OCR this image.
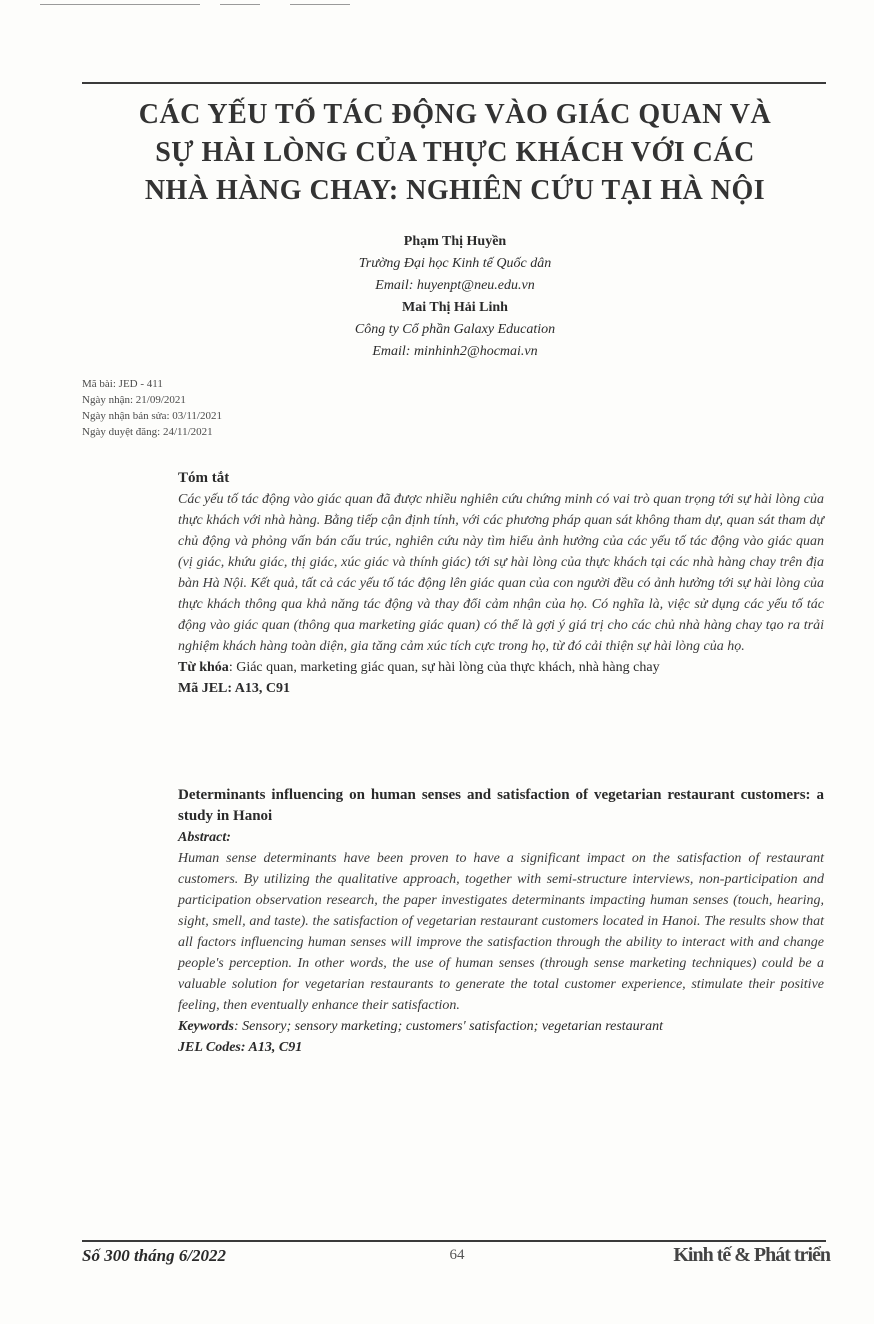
CÁC YẾU TỐ TÁC ĐỘNG VÀO GIÁC QUAN VÀ
SỰ HÀI LÒNG CỦA THỰC KHÁCH VỚI CÁC
NHÀ HÀNG CHAY: NGHIÊN CỨU TẠI HÀ NỘI
Phạm Thị Huyền
Trường Đại học Kinh tế Quốc dân
Email: huyenpt@neu.edu.vn
Mai Thị Hải Linh
Công ty Cổ phần Galaxy Education
Email: minhinh2@hocmai.vn
Mã bài: JED - 411
Ngày nhận: 21/09/2021
Ngày nhận bản sửa: 03/11/2021
Ngày duyệt đăng: 24/11/2021

Tóm tắt

Các yếu tố tác động vào giác quan đã được nhiều nghiên cứu chứng minh có vai trò quan trọng tới sự hài lòng của thực khách với nhà hàng. Bằng tiếp cận định tính, với các phương pháp quan sát không tham dự, quan sát tham dự chủ động và phỏng vấn bán cấu trúc, nghiên cứu này tìm hiểu ảnh hưởng của các yếu tố tác động vào giác quan (vị giác, khứu giác, thị giác, xúc giác và thính giác) tới sự hài lòng của thực khách tại các nhà hàng chay trên địa bàn Hà Nội. Kết quả, tất cả các yếu tố tác động lên giác quan của con người đều có ảnh hưởng tới sự hài lòng của thực khách thông qua khả năng tác động và thay đổi cảm nhận của họ. Có nghĩa là, việc sử dụng các yếu tố tác động vào giác quan (thông qua marketing giác quan) có thể là gợi ý giá trị cho các chủ nhà hàng chay tạo ra trải nghiệm khách hàng toàn diện, gia tăng cảm xúc tích cực trong họ, từ đó cải thiện sự hài lòng của họ.

Từ khóa: Giác quan, marketing giác quan, sự hài lòng của thực khách, nhà hàng chay

Mã JEL: A13, C91

Determinants influencing on human senses and satisfaction of vegetarian restaurant customers: a study in Hanoi

Abstract:

Human sense determinants have been proven to have a significant impact on the satisfaction of restaurant customers. By utilizing the qualitative approach, together with semi-structure interviews, non-participation and participation observation research, the paper investigates determinants impacting human senses (touch, hearing, sight, smell, and taste). the satisfaction of vegetarian restaurant customers located in Hanoi. The results show that all factors influencing human senses will improve the satisfaction through the ability to interact with and change people's perception. In other words, the use of human senses (through sense marketing techniques) could be a valuable solution for vegetarian restaurants to generate the total customer experience, stimulate their positive feeling, then eventually enhance their satisfaction.

Keywords: Sensory; sensory marketing; customers' satisfaction; vegetarian restaurant

JEL Codes: A13, C91

Số 300 tháng 6/2022	64	Kinh tế & Phát triển
